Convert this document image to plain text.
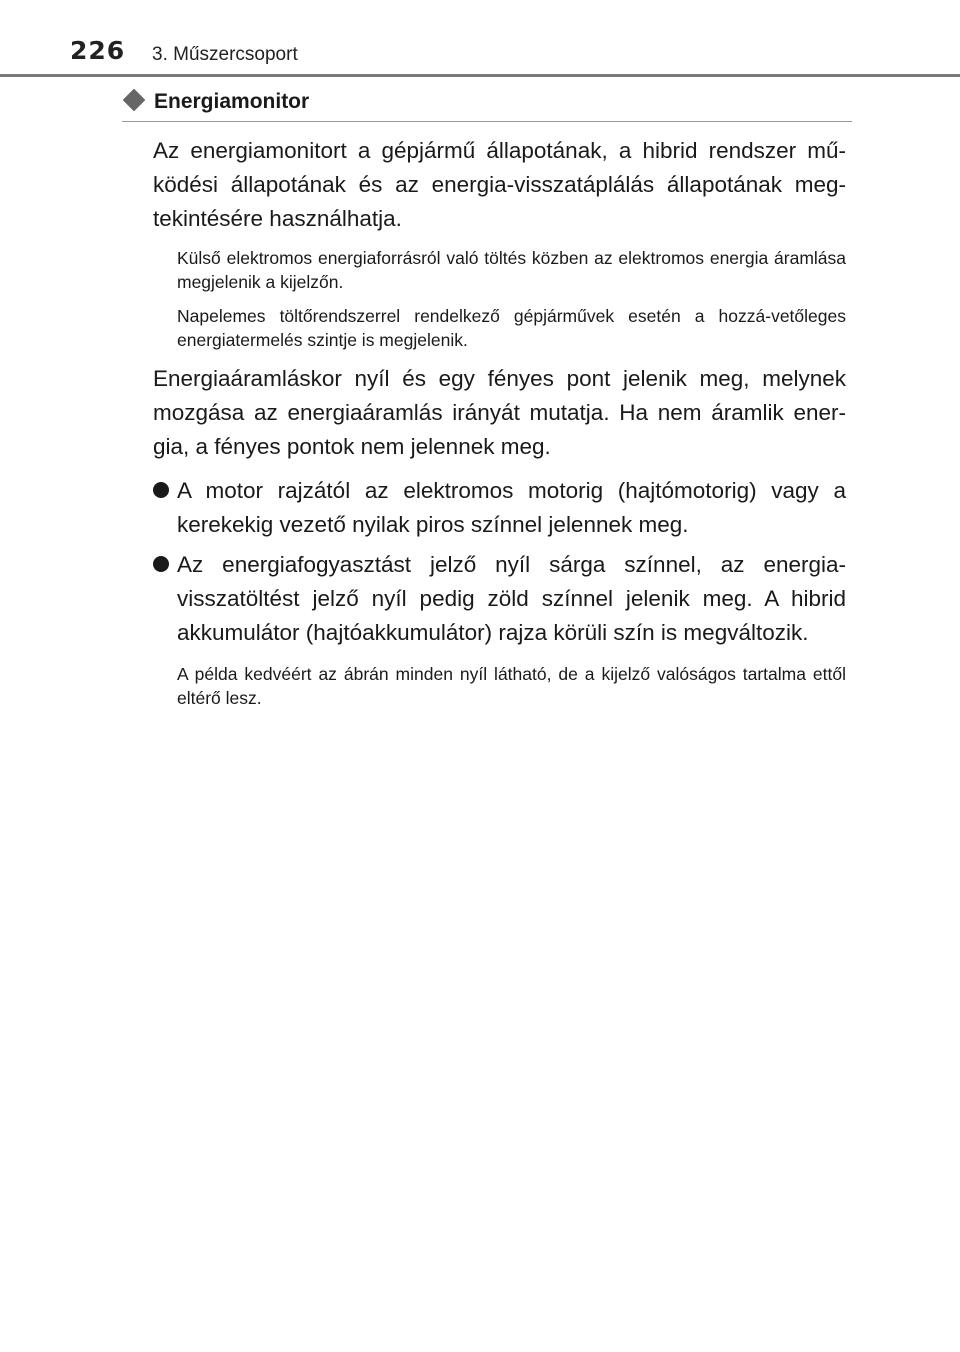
226 3. Műszercsoport
Energiamonitor

Az energiamonitort a gépjármű állapotának, a hibrid rendszer mű-ködési állapotának és az energia-visszatáplálás állapotának meg-tekintésére használhatja.

Külső elektromos energiaforrásról való töltés közben az elektromos energia áramlása megjelenik a kijelzőn.

Napelemes töltőrendszerrel rendelkező gépjárművek esetén a hozzá-vetőleges energiatermelés szintje is megjelenik.

Energiaáramláskor nyíl és egy fényes pont jelenik meg, melynek mozgása az energiaáramlás irányát mutatja. Ha nem áramlik ener-gia, a fényes pontok nem jelennek meg.

A motor rajzától az elektromos motorig (hajtómotorig) vagy a kerekekig vezető nyilak piros színnel jelennek meg.
Az energiafogyasztást jelző nyíl sárga színnel, az energia-visszatöltést jelző nyíl pedig zöld színnel jelenik meg. A hibrid akkumulátor (hajtóakkumulátor) rajza körüli szín is megváltozik.

A példa kedvéért az ábrán minden nyíl látható, de a kijelző valóságos tartalma ettől eltérő lesz.
